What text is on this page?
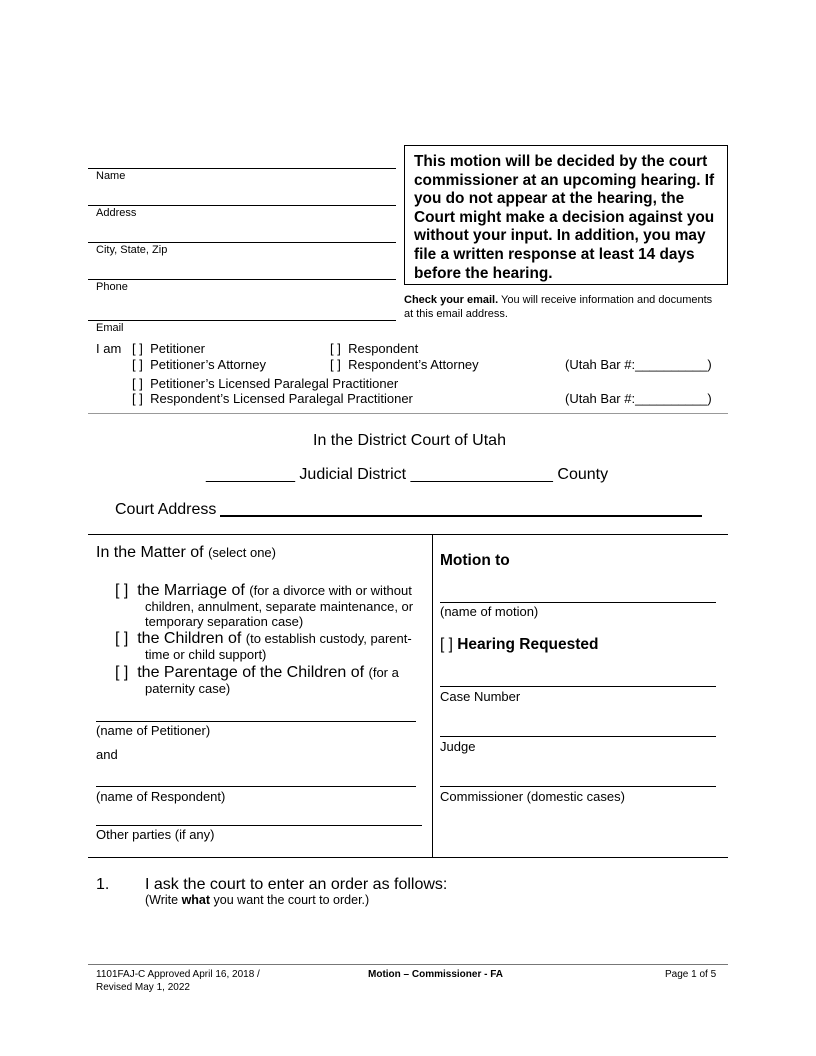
Name
Address
City, State, Zip
Phone
Email
This motion will be decided by the court commissioner at an upcoming hearing. If you do not appear at the hearing, the Court might make a decision against you without your input. In addition, you may file a written response at least 14 days before the hearing.
Check your email. You will receive information and documents at this email address.
I am [ ] Petitioner
[ ] Petitioner’s Attorney
[ ] Respondent
[ ] Respondent’s Attorney	(Utah Bar #:__________)
[ ] Petitioner’s Licensed Paralegal Practitioner
[ ] Respondent’s Licensed Paralegal Practitioner	(Utah Bar #:__________)
In the District Court of Utah
__________ Judicial District ________________ County
Court Address
In the Matter of (select one)
[ ]  the Marriage of (for a divorce with or without
children, annulment, separate maintenance, or
temporary separation case)
[ ]  the Children of (to establish custody, parent-
time or child support)
[ ]  the Parentage of the Children of (for a
paternity case)
(name of Petitioner)
and
(name of Respondent)
Other parties (if any)
Motion to
(name of motion)
[ ] Hearing Requested
Case Number
Judge
Commissioner (domestic cases)
1. I ask the court to enter an order as follows:
(Write what you want the court to order.)
1101FAJ-C Approved April 16, 2018 /
Revised May 1, 2022
Motion – Commissioner - FA	Page 1 of 5
